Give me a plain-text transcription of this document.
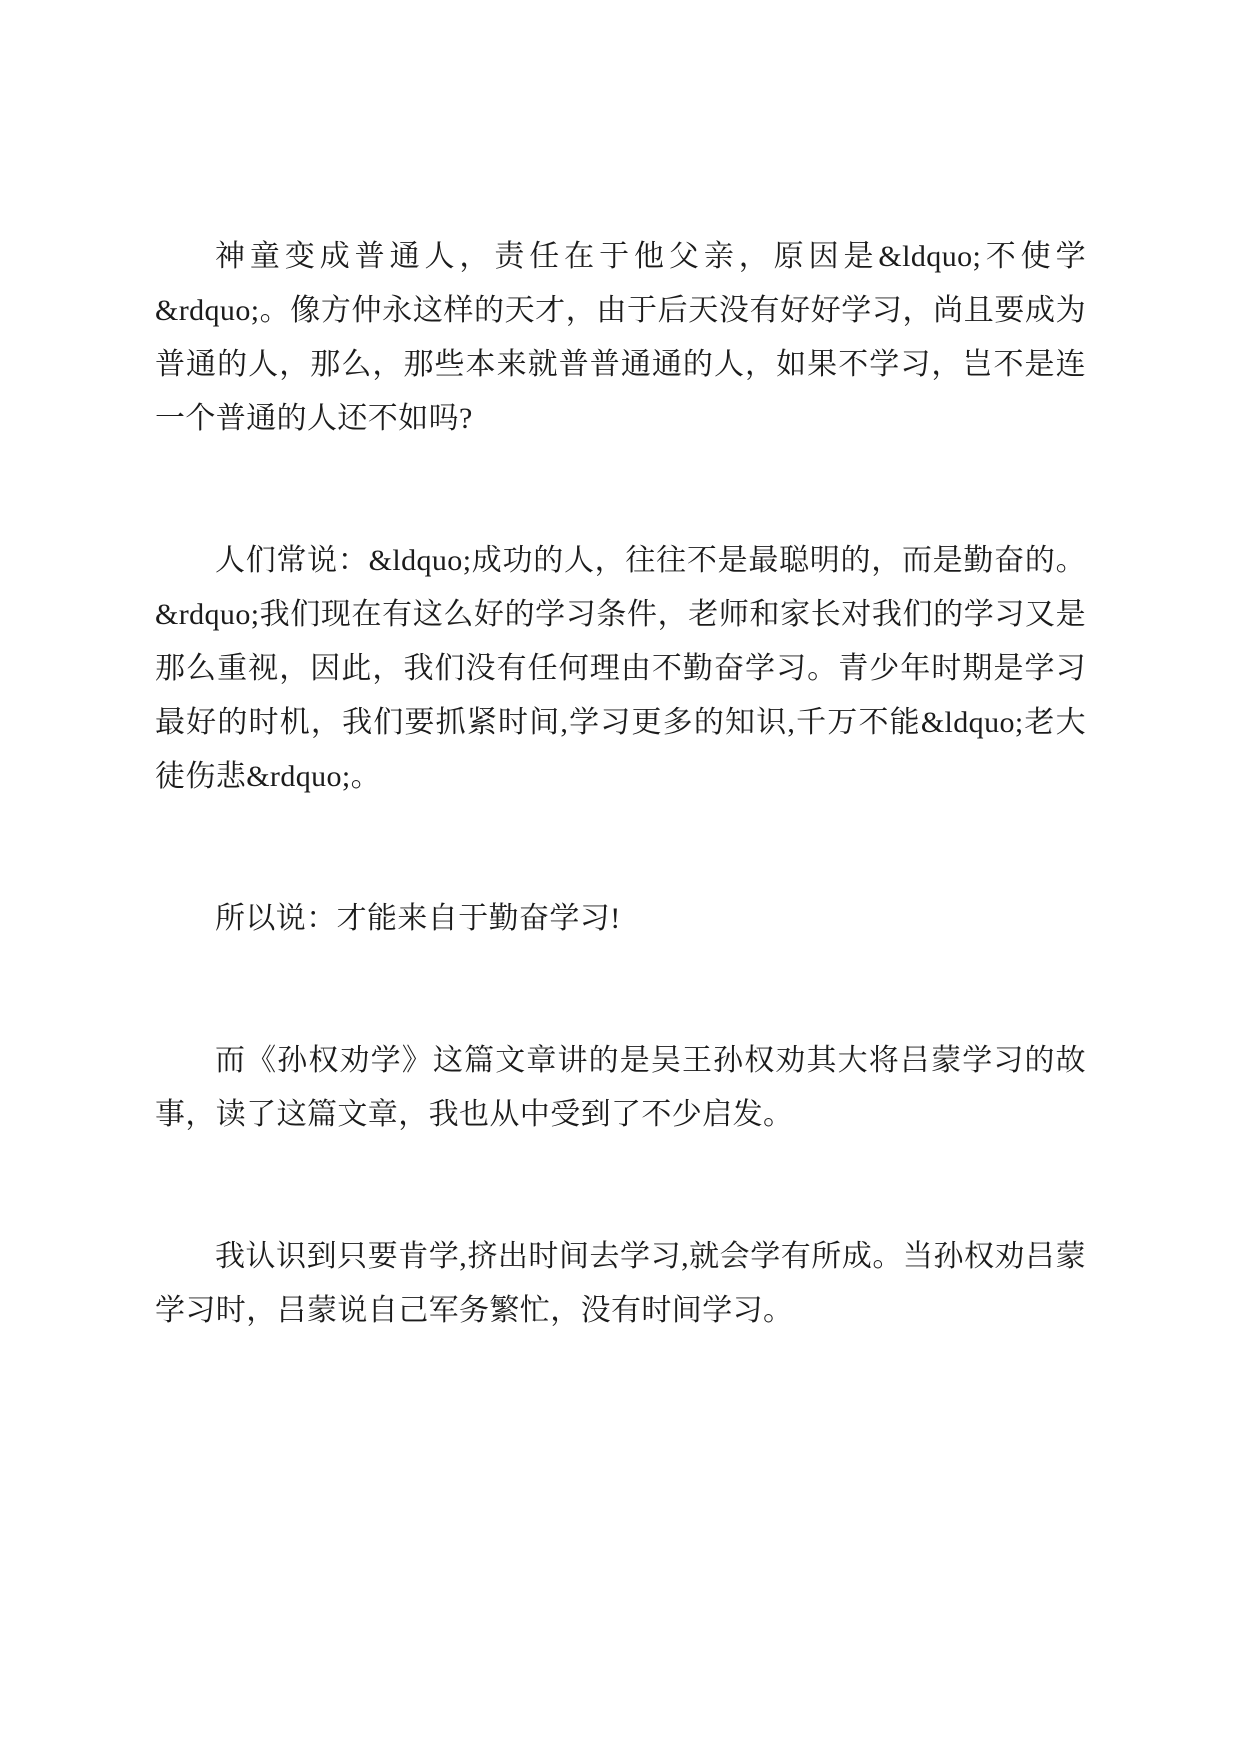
神童变成普通人，责任在于他父亲，原因是&ldquo;不使学&rdquo;。像方仲永这样的天才，由于后天没有好好学习，尚且要成为普通的人，那么，那些本来就普普通通的人，如果不学习，岂不是连一个普通的人还不如吗?

人们常说：&ldquo;成功的人，往往不是最聪明的，而是勤奋的。&rdquo;我们现在有这么好的学习条件，老师和家长对我们的学习又是那么重视，因此，我们没有任何理由不勤奋学习。青少年时期是学习最好的时机，我们要抓紧时间,学习更多的知识,千万不能&ldquo;老大徒伤悲&rdquo;。

所以说：才能来自于勤奋学习!

而《孙权劝学》这篇文章讲的是吴王孙权劝其大将吕蒙学习的故事，读了这篇文章，我也从中受到了不少启发。

我认识到只要肯学,挤出时间去学习,就会学有所成。当孙权劝吕蒙学习时，吕蒙说自己军务繁忙，没有时间学习。
